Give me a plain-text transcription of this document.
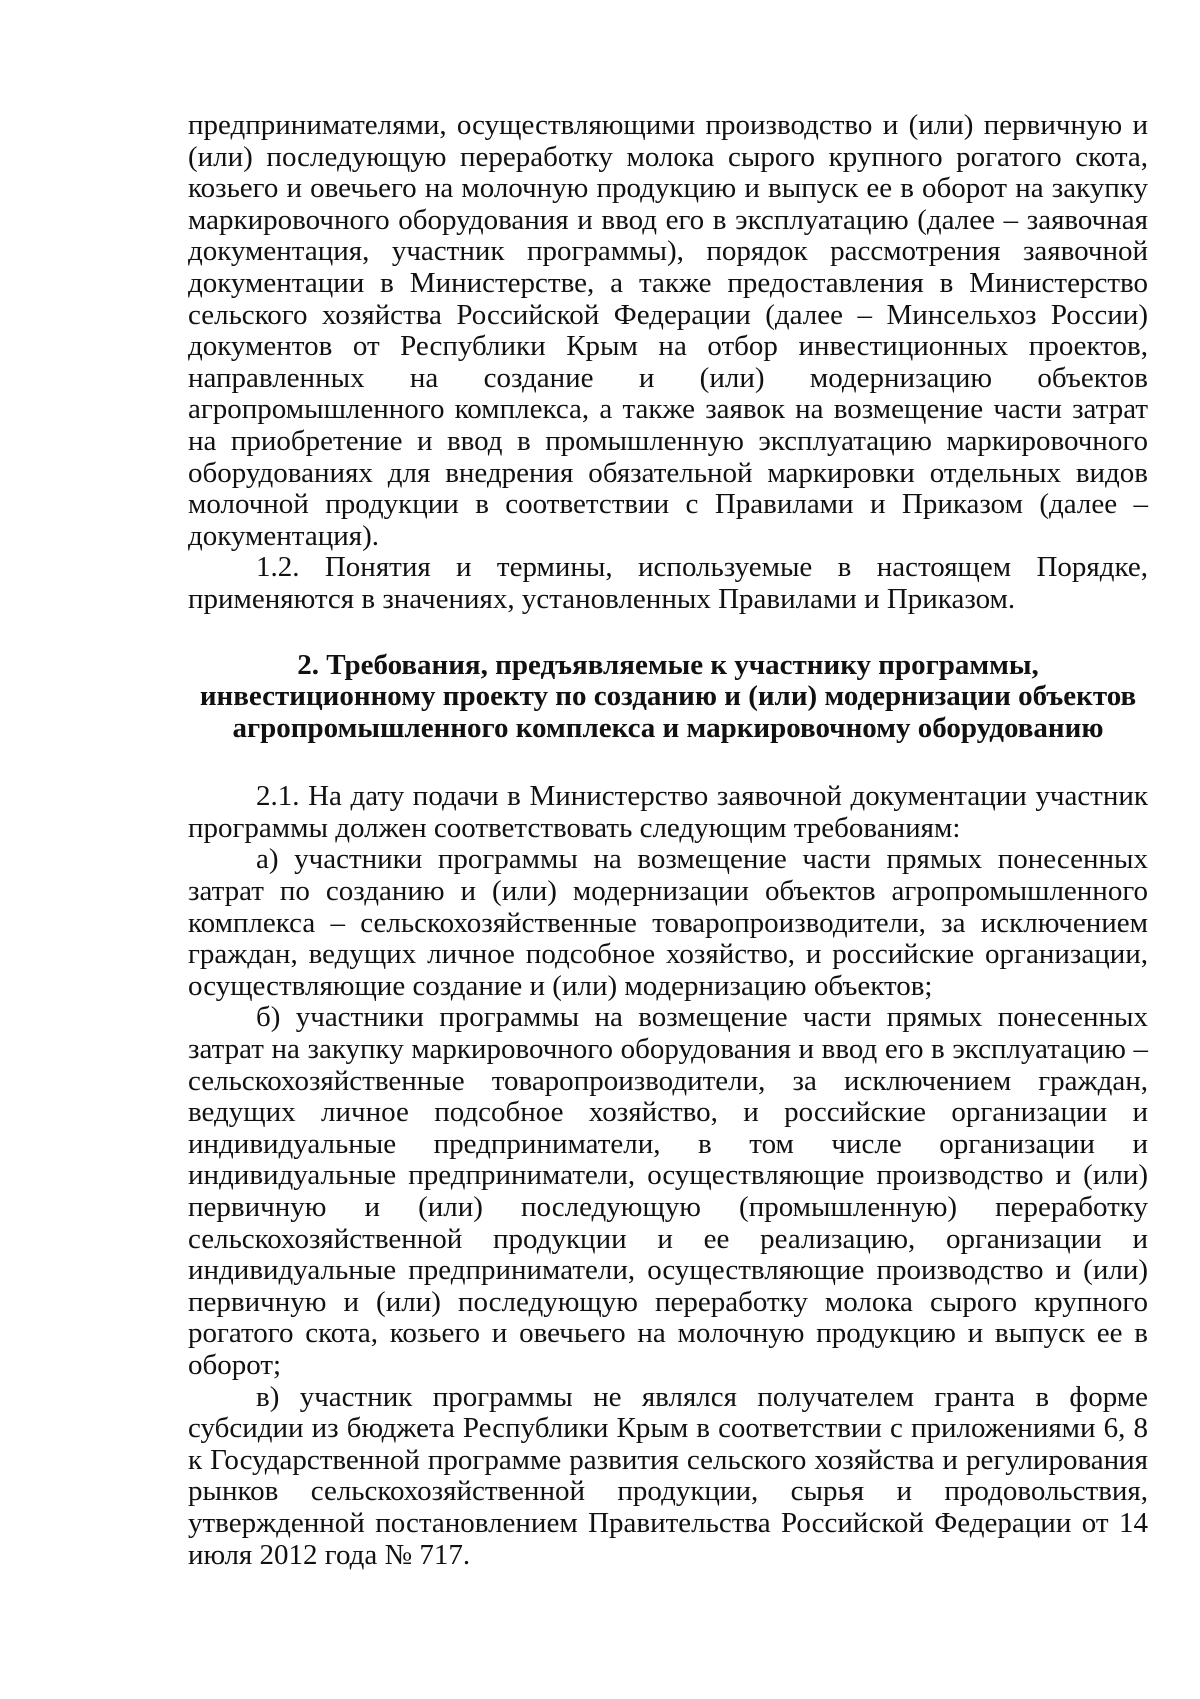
предпринимателями, осуществляющими производство и (или) первичную и (или) последующую переработку молока сырого крупного рогатого скота, козьего и овечьего на молочную продукцию и выпуск ее в оборот на закупку маркировочного оборудования и ввод его в эксплуатацию (далее – заявочная документация, участник программы), порядок рассмотрения заявочной документации в Министерстве, а также предоставления в Министерство сельского хозяйства Российской Федерации (далее – Минсельхоз России) документов от Республики Крым на отбор инвестиционных проектов, направленных на создание и (или) модернизацию объектов агропромышленного комплекса, а также заявок на возмещение части затрат на приобретение и ввод в промышленную эксплуатацию маркировочного оборудованиях для внедрения обязательной маркировки отдельных видов молочной продукции в соответствии с Правилами и Приказом (далее – документация).

1.2. Понятия и термины, используемые в настоящем Порядке, применяются в значениях, установленных Правилами и Приказом.

2. Требования, предъявляемые к участнику программы, инвестиционному проекту по созданию и (или) модернизации объектов агропромышленного комплекса и маркировочному оборудованию

2.1. На дату подачи в Министерство заявочной документации участник программы должен соответствовать следующим требованиям:

а) участники программы на возмещение части прямых понесенных затрат по созданию и (или) модернизации объектов агропромышленного комплекса – сельскохозяйственные товаропроизводители, за исключением граждан, ведущих личное подсобное хозяйство, и российские организации, осуществляющие создание и (или) модернизацию объектов;

б) участники программы на возмещение части прямых понесенных затрат на закупку маркировочного оборудования и ввод его в эксплуатацию – сельскохозяйственные товаропроизводители, за исключением граждан, ведущих личное подсобное хозяйство, и российские организации и индивидуальные предприниматели, в том числе организации и индивидуальные предприниматели, осуществляющие производство и (или) первичную и (или) последующую (промышленную) переработку сельскохозяйственной продукции и ее реализацию, организации и индивидуальные предприниматели, осуществляющие производство и (или) первичную и (или) последующую переработку молока сырого крупного рогатого скота, козьего и овечьего на молочную продукцию и выпуск ее в оборот;

в) участник программы не являлся получателем гранта в форме субсидии из бюджета Республики Крым в соответствии с приложениями 6, 8 к Государственной программе развития сельского хозяйства и регулирования рынков сельскохозяйственной продукции, сырья и продовольствия, утвержденной постановлением Правительства Российской Федерации от 14 июля 2012 года № 717.
